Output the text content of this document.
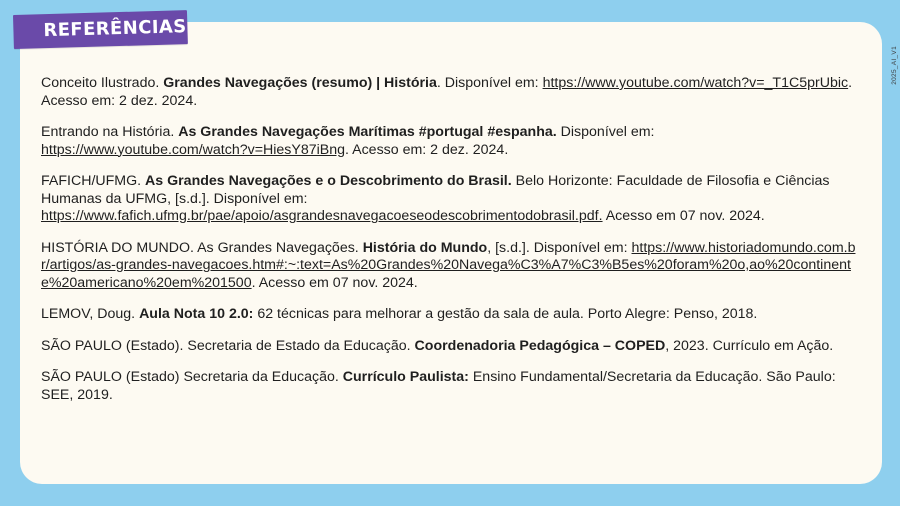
REFERÊNCIAS
2025_AI_V1

Conceito Ilustrado. Grandes Navegações (resumo) | História. Disponível em: https://www.youtube.com/watch?v=_T1C5prUbic. Acesso em: 2 dez. 2024.

Entrando na História. As Grandes Navegações Marítimas #portugal #espanha. Disponível em: https://www.youtube.com/watch?v=HiesY87iBng. Acesso em: 2 dez. 2024.

FAFICH/UFMG. As Grandes Navegações e o Descobrimento do Brasil. Belo Horizonte: Faculdade de Filosofia e Ciências Humanas da UFMG, [s.d.]. Disponível em: https://www.fafich.ufmg.br/pae/apoio/asgrandesnavegacoeseodescobrimentodobrasil.pdf. Acesso em 07 nov. 2024.

HISTÓRIA DO MUNDO. As Grandes Navegações. História do Mundo, [s.d.]. Disponível em: https://www.historiadomundo.com.br/artigos/as-grandes-navegacoes.htm#:~:text=As%20Grandes%20Navega%C3%A7%C3%B5es%20foram%20o,ao%20continente%20americano%20em%201500. Acesso em 07 nov. 2024.

LEMOV, Doug. Aula Nota 10 2.0: 62 técnicas para melhorar a gestão da sala de aula. Porto Alegre: Penso, 2018.

SÃO PAULO (Estado). Secretaria de Estado da Educação. Coordenadoria Pedagógica – COPED, 2023. Currículo em Ação.

SÃO PAULO (Estado) Secretaria da Educação. Currículo Paulista: Ensino Fundamental/Secretaria da Educação. São Paulo: SEE, 2019.
